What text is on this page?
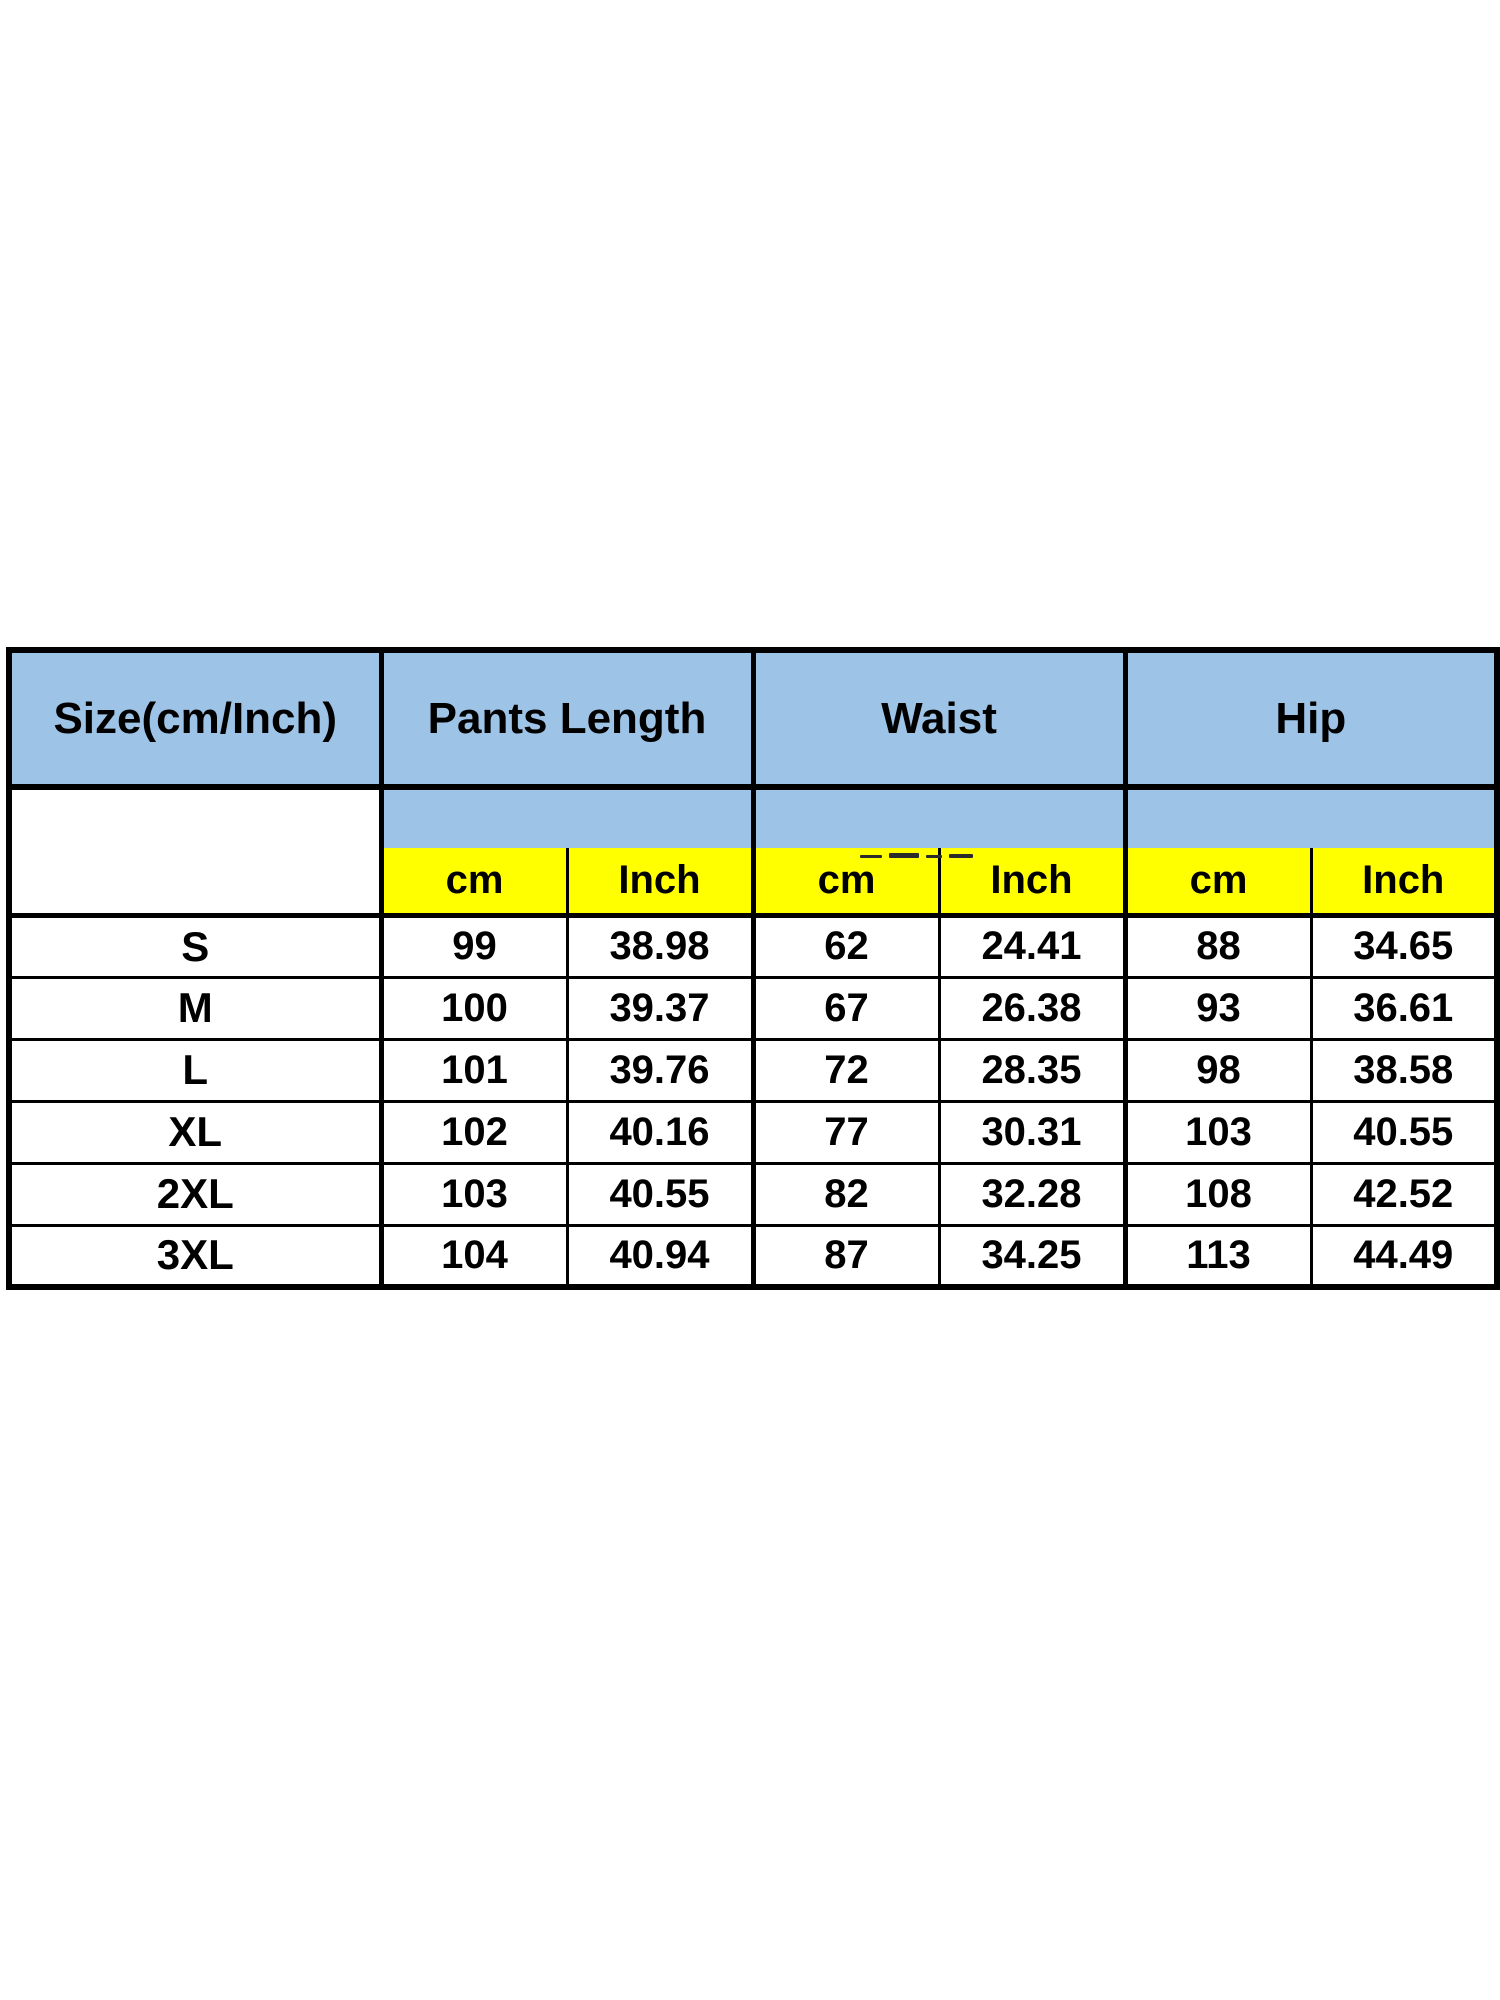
Size(cm/Inch)	Pants Length		Waist		Hip	

	cm	Inch	cm	Inch	cm	Inch
S	99	38.98	62	24.41	88	34.65
M	100	39.37	67	26.38	93	36.61
L	101	39.76	72	28.35	98	38.58
XL	102	40.16	77	30.31	103	40.55
2XL	103	40.55	82	32.28	108	42.52
3XL	104	40.94	87	34.25	113	44.49
